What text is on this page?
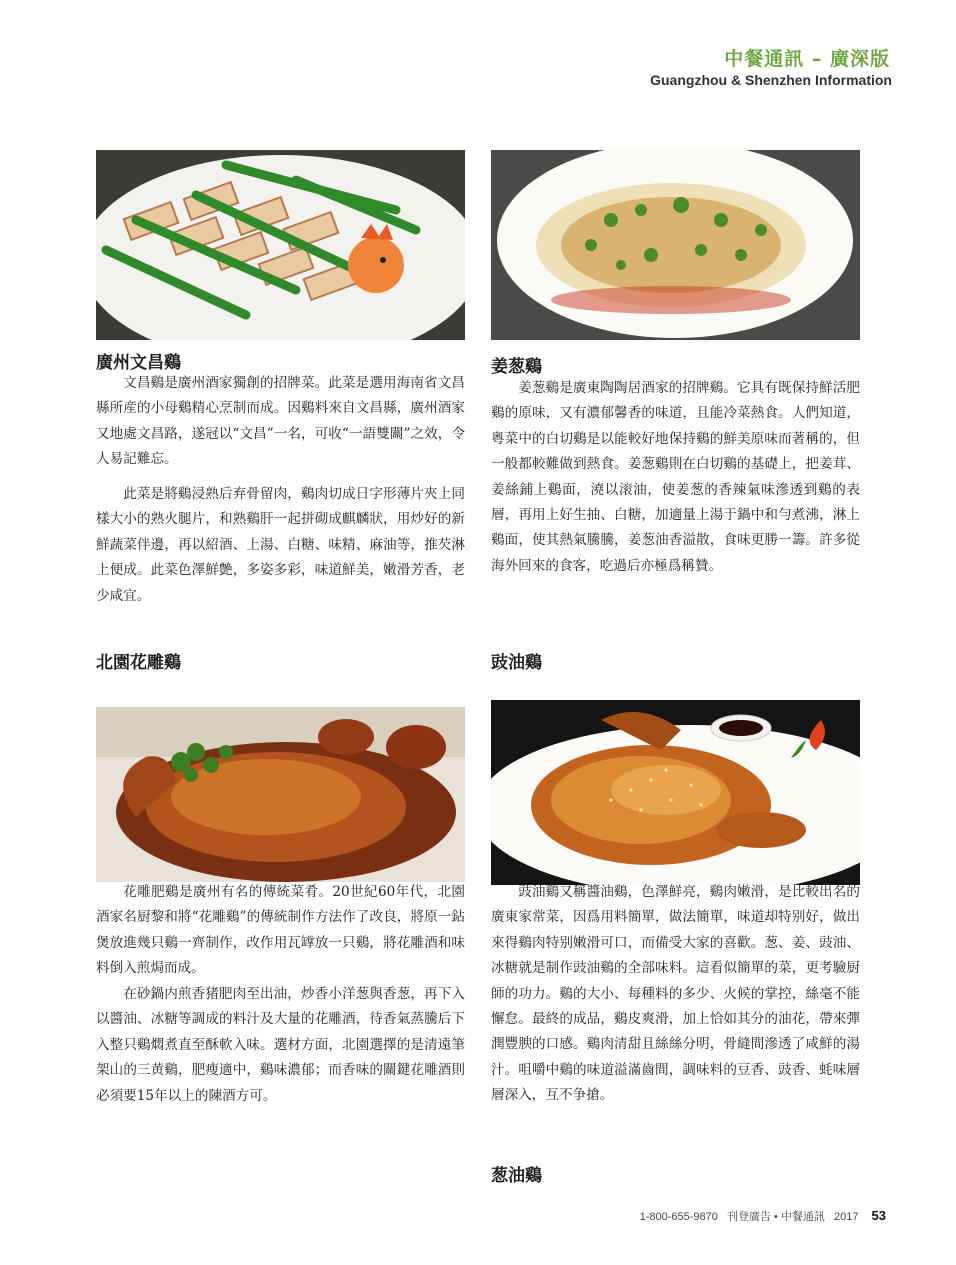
中餐通訊 – 廣深版
Guangzhou & Shenzhen Information
廣州文昌鷄

文昌鷄是廣州酒家獨創的招牌菜。此菜是選用海南省文昌縣所産的小母鷄精心烹制而成。因鷄料來自文昌縣，廣州酒家又地處文昌路，遂冠以“文昌”一名，可收“一語雙關”之效，令人易記難忘。

此菜是將鷄浸熟后弃骨留肉，鷄肉切成日字形薄片夾上同樣大小的熟火腿片，和熟鷄肝一起拼砌成麒麟狀，用炒好的新鮮蔬菜伴邊，再以紹酒、上湯、白糖、味精、麻油等，推芡淋上便成。此菜色澤鮮艶，多姿多彩，味道鮮美，嫩滑芳香，老少咸宜。

姜葱鷄

姜葱鷄是廣東陶陶居酒家的招牌鷄。它具有既保持鮮活肥鷄的原味，又有濃郁馨香的味道，且能冷菜熱食。人們知道，粵菜中的白切鷄是以能較好地保持鷄的鮮美原味而著稱的，但一般都較難做到熱食。姜葱鷄則在白切鷄的基礎上，把姜茸、姜絲鋪上鷄面，澆以滚油，使姜葱的香辣氣味滲透到鷄的表層，再用上好生抽、白糖，加適量上湯于鍋中和勻煮沸，淋上鷄面，使其熱氣騰騰，姜葱油香溢散，食味更勝一籌。許多從海外回來的食客，吃過后亦極爲稱贊。

北園花雕鷄	豉油鷄

花雕肥鷄是廣州有名的傳統菜肴。20世紀60年代，北園酒家名厨黎和將“花雕鷄”的傳統制作方法作了改良，將原一鉆煲放進幾只鷄一齊制作，改作用瓦罉放一只鷄，將花雕酒和味料倒入煎焗而成。

在砂鍋内煎香猪肥肉至出油，炒香小洋葱與香葱，再下入以醬油、冰糖等調成的料汁及大量的花雕酒，待香氣蒸騰后下入整只鷄燜煮直至酥軟入味。選材方面，北園選擇的是清遠筆架山的三黄鷄，肥瘦適中，鷄味濃郁；而香味的關鍵花雕酒則必須要15年以上的陳酒方可。

豉油鷄又稱醬油鷄，色澤鮮亮，鷄肉嫩滑，是比較出名的廣東家常菜，因爲用料簡單，做法簡單，味道却特别好，做出來得鷄肉特别嫩滑可口，而備受大家的喜歡。葱、姜、豉油、冰糖就是制作豉油鷄的全部味料。這看似簡單的菜，更考驗厨師的功力。鷄的大小、每種料的多少、火候的掌控，絲毫不能懈怠。最終的成品，鷄皮爽滑，加上恰如其分的油花，帶來彈潤豐腴的口感。鷄肉清甜且絲絲分明，骨縫間滲透了咸鮮的湯汁。咀嚼中鷄的味道溢滿齒間，調味料的豆香、豉香、蚝味層層深入，互不争搶。

葱油鷄
1-800-655-9870 刊登廣告 • 中餐通訊 2017 53
